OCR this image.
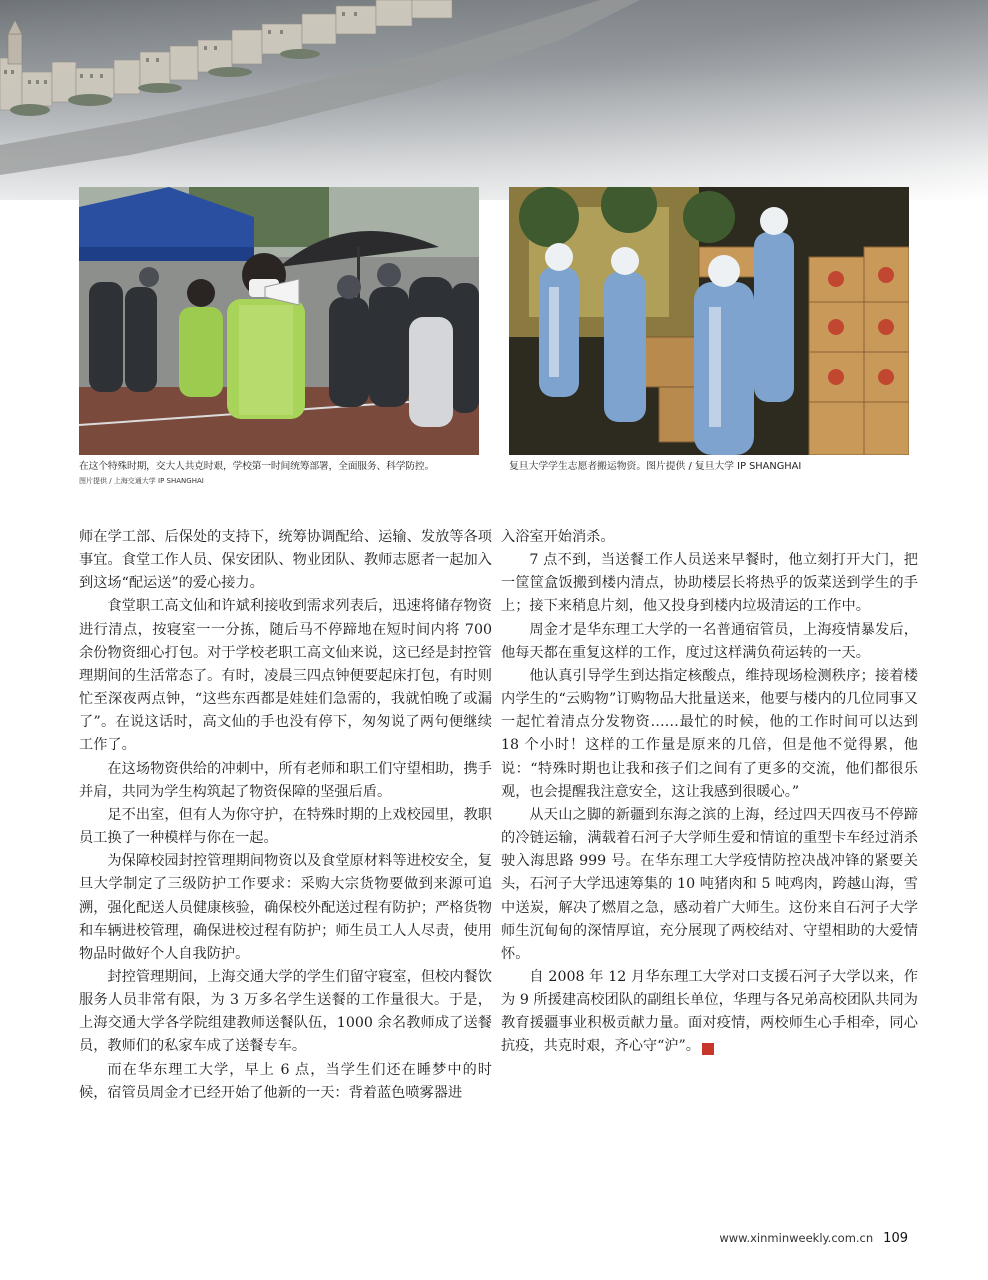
在这个特殊时期，交大人共克时艰，学校第一时间统筹部署，全面服务、科学防控。
图片提供 / 上海交通大学 IP SHANGHAI
复旦大学学生志愿者搬运物资。图片提供 / 复旦大学 IP SHANGHAI

师在学工部、后保处的支持下，统筹协调配给、运输、发放等各项事宜。食堂工作人员、保安团队、物业团队、教师志愿者一起加入到这场“配运送”的爱心接力。

食堂职工高文仙和许斌利接收到需求列表后，迅速将储存物资进行清点，按寝室一一分拣，随后马不停蹄地在短时间内将 700 余份物资细心打包。对于学校老职工高文仙来说，这已经是封控管理期间的生活常态了。有时，凌晨三四点钟便要起床打包，有时则忙至深夜两点钟，“这些东西都是娃娃们急需的，我就怕晚了或漏了”。在说这话时，高文仙的手也没有停下，匆匆说了两句便继续工作了。

在这场物资供给的冲刺中，所有老师和职工们守望相助，携手并肩，共同为学生构筑起了物资保障的坚强后盾。

足不出室，但有人为你守护，在特殊时期的上戏校园里，教职员工换了一种模样与你在一起。

为保障校园封控管理期间物资以及食堂原材料等进校安全，复旦大学制定了三级防护工作要求：采购大宗货物要做到来源可追溯，强化配送人员健康核验，确保校外配送过程有防护；严格货物和车辆进校管理，确保进校过程有防护；师生员工人人尽责，使用物品时做好个人自我防护。

封控管理期间，上海交通大学的学生们留守寝室，但校内餐饮服务人员非常有限，为 3 万多名学生送餐的工作量很大。于是，上海交通大学各学院组建教师送餐队伍，1000 余名教师成了送餐员，教师们的私家车成了送餐专车。

而在华东理工大学，早上 6 点，当学生们还在睡梦中的时候，宿管员周金才已经开始了他新的一天：背着蓝色喷雾器进

入浴室开始消杀。

7 点不到，当送餐工作人员送来早餐时，他立刻打开大门，把一筐筐盒饭搬到楼内清点，协助楼层长将热乎的饭菜送到学生的手上；接下来稍息片刻，他又投身到楼内垃圾清运的工作中。

周金才是华东理工大学的一名普通宿管员，上海疫情暴发后，他每天都在重复这样的工作，度过这样满负荷运转的一天。

他认真引导学生到达指定核酸点，维持现场检测秩序；接着楼内学生的“云购物”订购物品大批量送来，他要与楼内的几位同事又一起忙着清点分发物资……最忙的时候，他的工作时间可以达到 18 个小时！这样的工作量是原来的几倍，但是他不觉得累，他说：“特殊时期也让我和孩子们之间有了更多的交流，他们都很乐观，也会提醒我注意安全，这让我感到很暖心。”

从天山之脚的新疆到东海之滨的上海，经过四天四夜马不停蹄的冷链运输，满载着石河子大学师生爱和情谊的重型卡车经过消杀驶入海思路 999 号。在华东理工大学疫情防控决战冲锋的紧要关头，石河子大学迅速筹集的 10 吨猪肉和 5 吨鸡肉，跨越山海，雪中送炭，解决了燃眉之急，感动着广大师生。这份来自石河子大学师生沉甸甸的深情厚谊，充分展现了两校结对、守望相助的大爱情怀。

自 2008 年 12 月华东理工大学对口支援石河子大学以来，作为 9 所援建高校团队的副组长单位，华理与各兄弟高校团队共同为教育援疆事业积极贡献力量。面对疫情，两校师生心手相牵，同心抗疫，共克时艰，齐心守“沪”。	民

www.xinminweekly.com.cn 109
